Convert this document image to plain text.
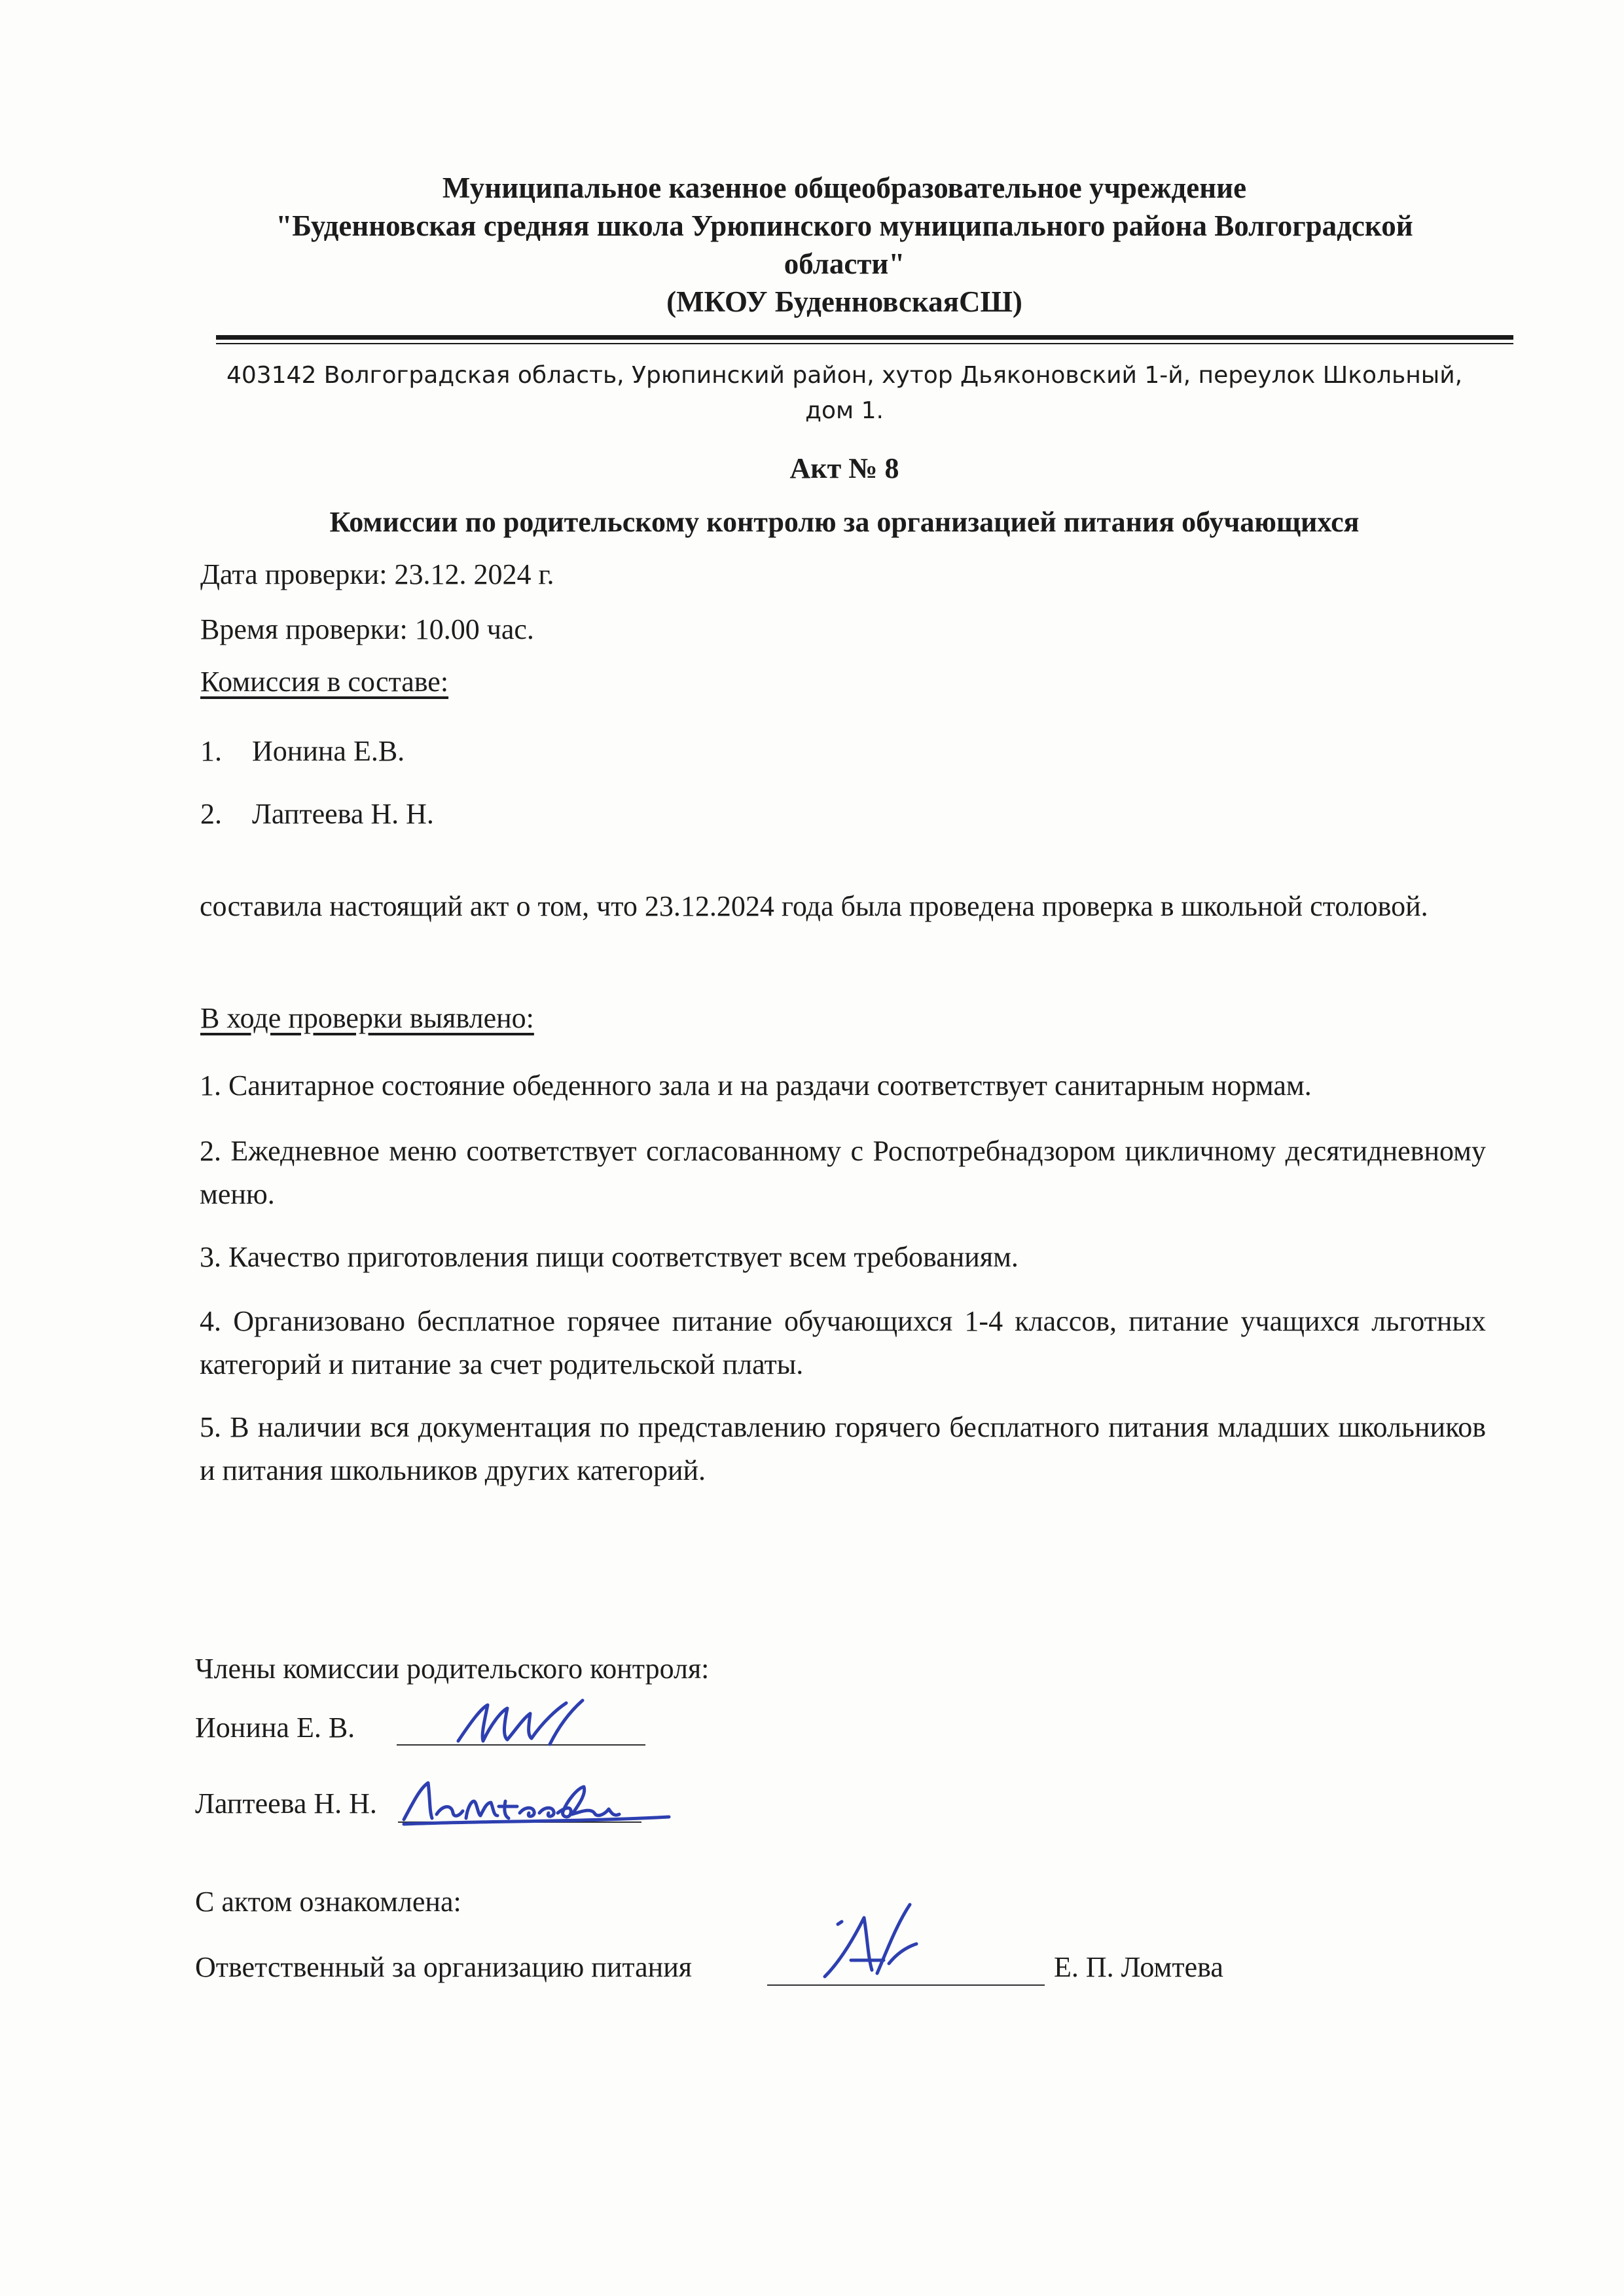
Муниципальное казенное общеобразовательное учреждение
"Буденновская средняя школа Урюпинского муниципального района Волгоградской
области"
(МКОУ БуденновскаяСШ)
403142 Волгоградская область, Урюпинский район, хутор Дьяконовский 1-й, переулок Школьный,
дом 1.
Акт № 8
Комиссии по родительскому контролю за организацией питания обучающихся
Дата проверки: 23.12. 2024 г.
Время проверки: 10.00 час.
Комиссия в составе:
1. Ионина Е.В.
2. Лаптеева Н. Н.
составила настоящий акт о том, что 23.12.2024 года была проведена проверка в школьной столовой.
В ходе проверки выявлено:
1. Санитарное состояние обеденного зала и на раздачи соответствует санитарным нормам.
2. Ежедневное меню соответствует согласованному с Роспотребнадзором цикличному десятидневному меню.
3. Качество приготовления пищи соответствует всем требованиям.
4. Организовано бесплатное горячее питание обучающихся 1-4 классов, питание учащихся льготных категорий и питание за счет родительской платы.
5. В наличии вся документация по представлению горячего бесплатного питания младших школьников и питания школьников других категорий.
Члены комиссии родительского контроля:
Ионина Е. В.
Лаптеева Н. Н.
С актом ознакомлена:
Ответственный за организацию питания	Е. П. Ломтева
